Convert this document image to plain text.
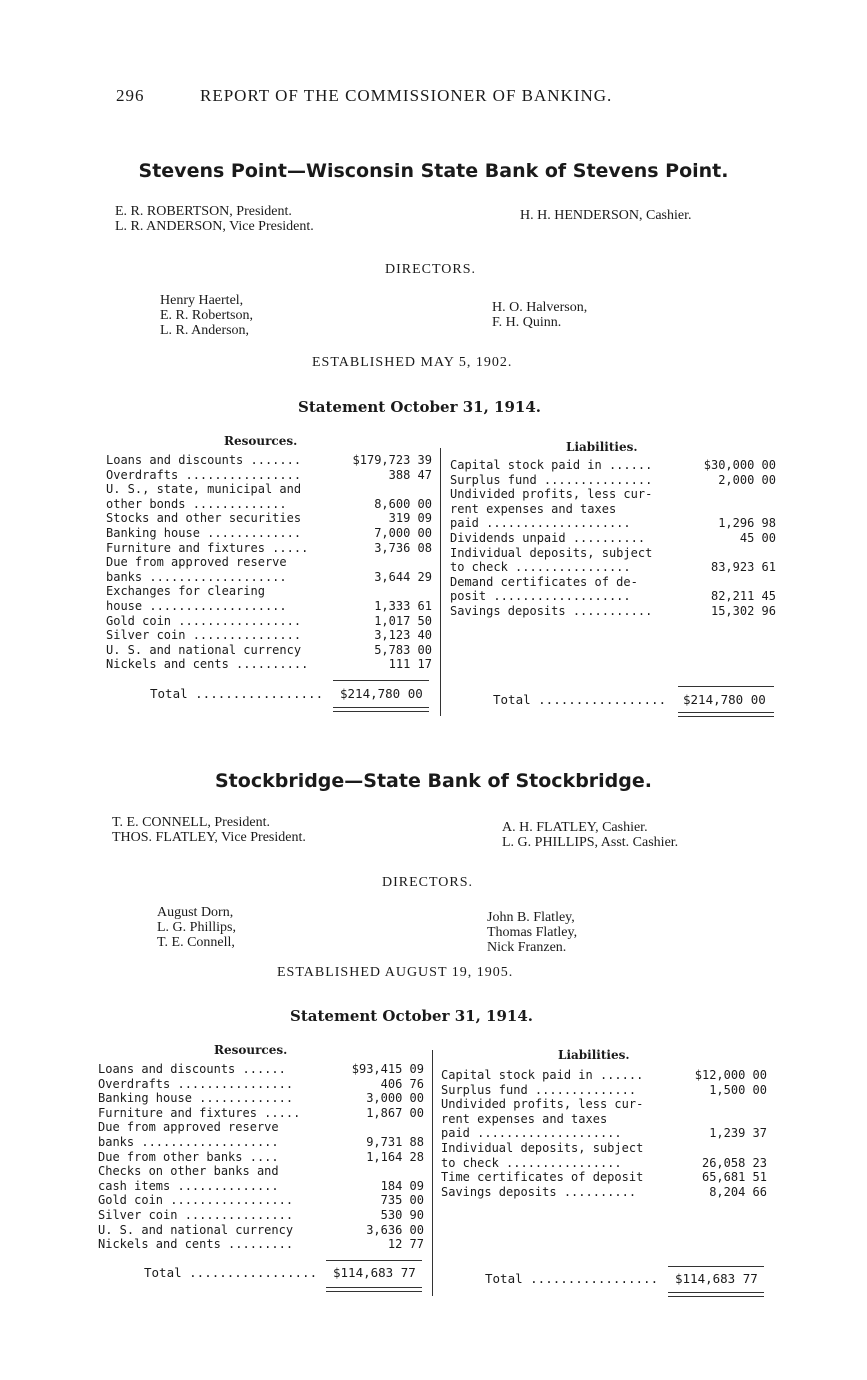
296	REPORT OF THE COMMISSIONER OF BANKING.
Stevens Point—Wisconsin State Bank of Stevens Point.
E. R. ROBERTSON, President.
L. R. ANDERSON, Vice President.
H. H. HENDERSON, Cashier.
DIRECTORS.
Henry Haertel,
E. R. Robertson,
L. R. Anderson,
H. O. Halverson,
F. H. Quinn.
ESTABLISHED MAY 5, 1902.
Statement October 31, 1914.
Resources.	Liabilities.
Loans and discounts .......	$179,723 39
Overdrafts ................	388 47
U. S., state, municipal and
other bonds .............	8,600 00
Stocks and other securities	319 09
Banking house .............	7,000 00
Furniture and fixtures .....	3,736 08
Due from approved reserve
banks ...................	3,644 29
Exchanges for clearing
house ...................	1,333 61
Gold coin .................	1,017 50
Silver coin ...............	3,123 40
U. S. and national currency	5,783 00
Nickels and cents ..........	111 17
Capital stock paid in ......	$30,000 00
Surplus fund ...............	2,000 00
Undivided profits, less cur-
rent expenses and taxes
paid ....................	1,296 98
Dividends unpaid ..........	45 00
Individual deposits, subject
to check ................	83,923 61
Demand certificates of de-
posit ...................	82,211 45
Savings deposits ...........	15,302 96
Total ................. $214,780 00	Total ................. $214,780 00
Stockbridge—State Bank of Stockbridge.
T. E. CONNELL, President.
THOS. FLATLEY, Vice President.
A. H. FLATLEY, Cashier.
L. G. PHILLIPS, Asst. Cashier.
DIRECTORS.
August Dorn,
L. G. Phillips,
T. E. Connell,
John B. Flatley,
Thomas Flatley,
Nick Franzen.
ESTABLISHED AUGUST 19, 1905.
Statement October 31, 1914.
Resources.	Liabilities.
Loans and discounts ......	$93,415 09
Overdrafts ................	406 76
Banking house .............	3,000 00
Furniture and fixtures .....	1,867 00
Due from approved reserve
banks ...................	9,731 88
Due from other banks ....	1,164 28
Checks on other banks and
cash items ..............	184 09
Gold coin .................	735 00
Silver coin ...............	530 90
U. S. and national currency	3,636 00
Nickels and cents .........	12 77
Capital stock paid in ......	$12,000 00
Surplus fund ..............	1,500 00
Undivided profits, less cur-
rent expenses and taxes
paid ....................	1,239 37
Individual deposits, subject
to check ................	26,058 23
Time certificates of deposit	65,681 51
Savings deposits ..........	8,204 66
Total ................. $114,683 77	Total ................. $114,683 77
